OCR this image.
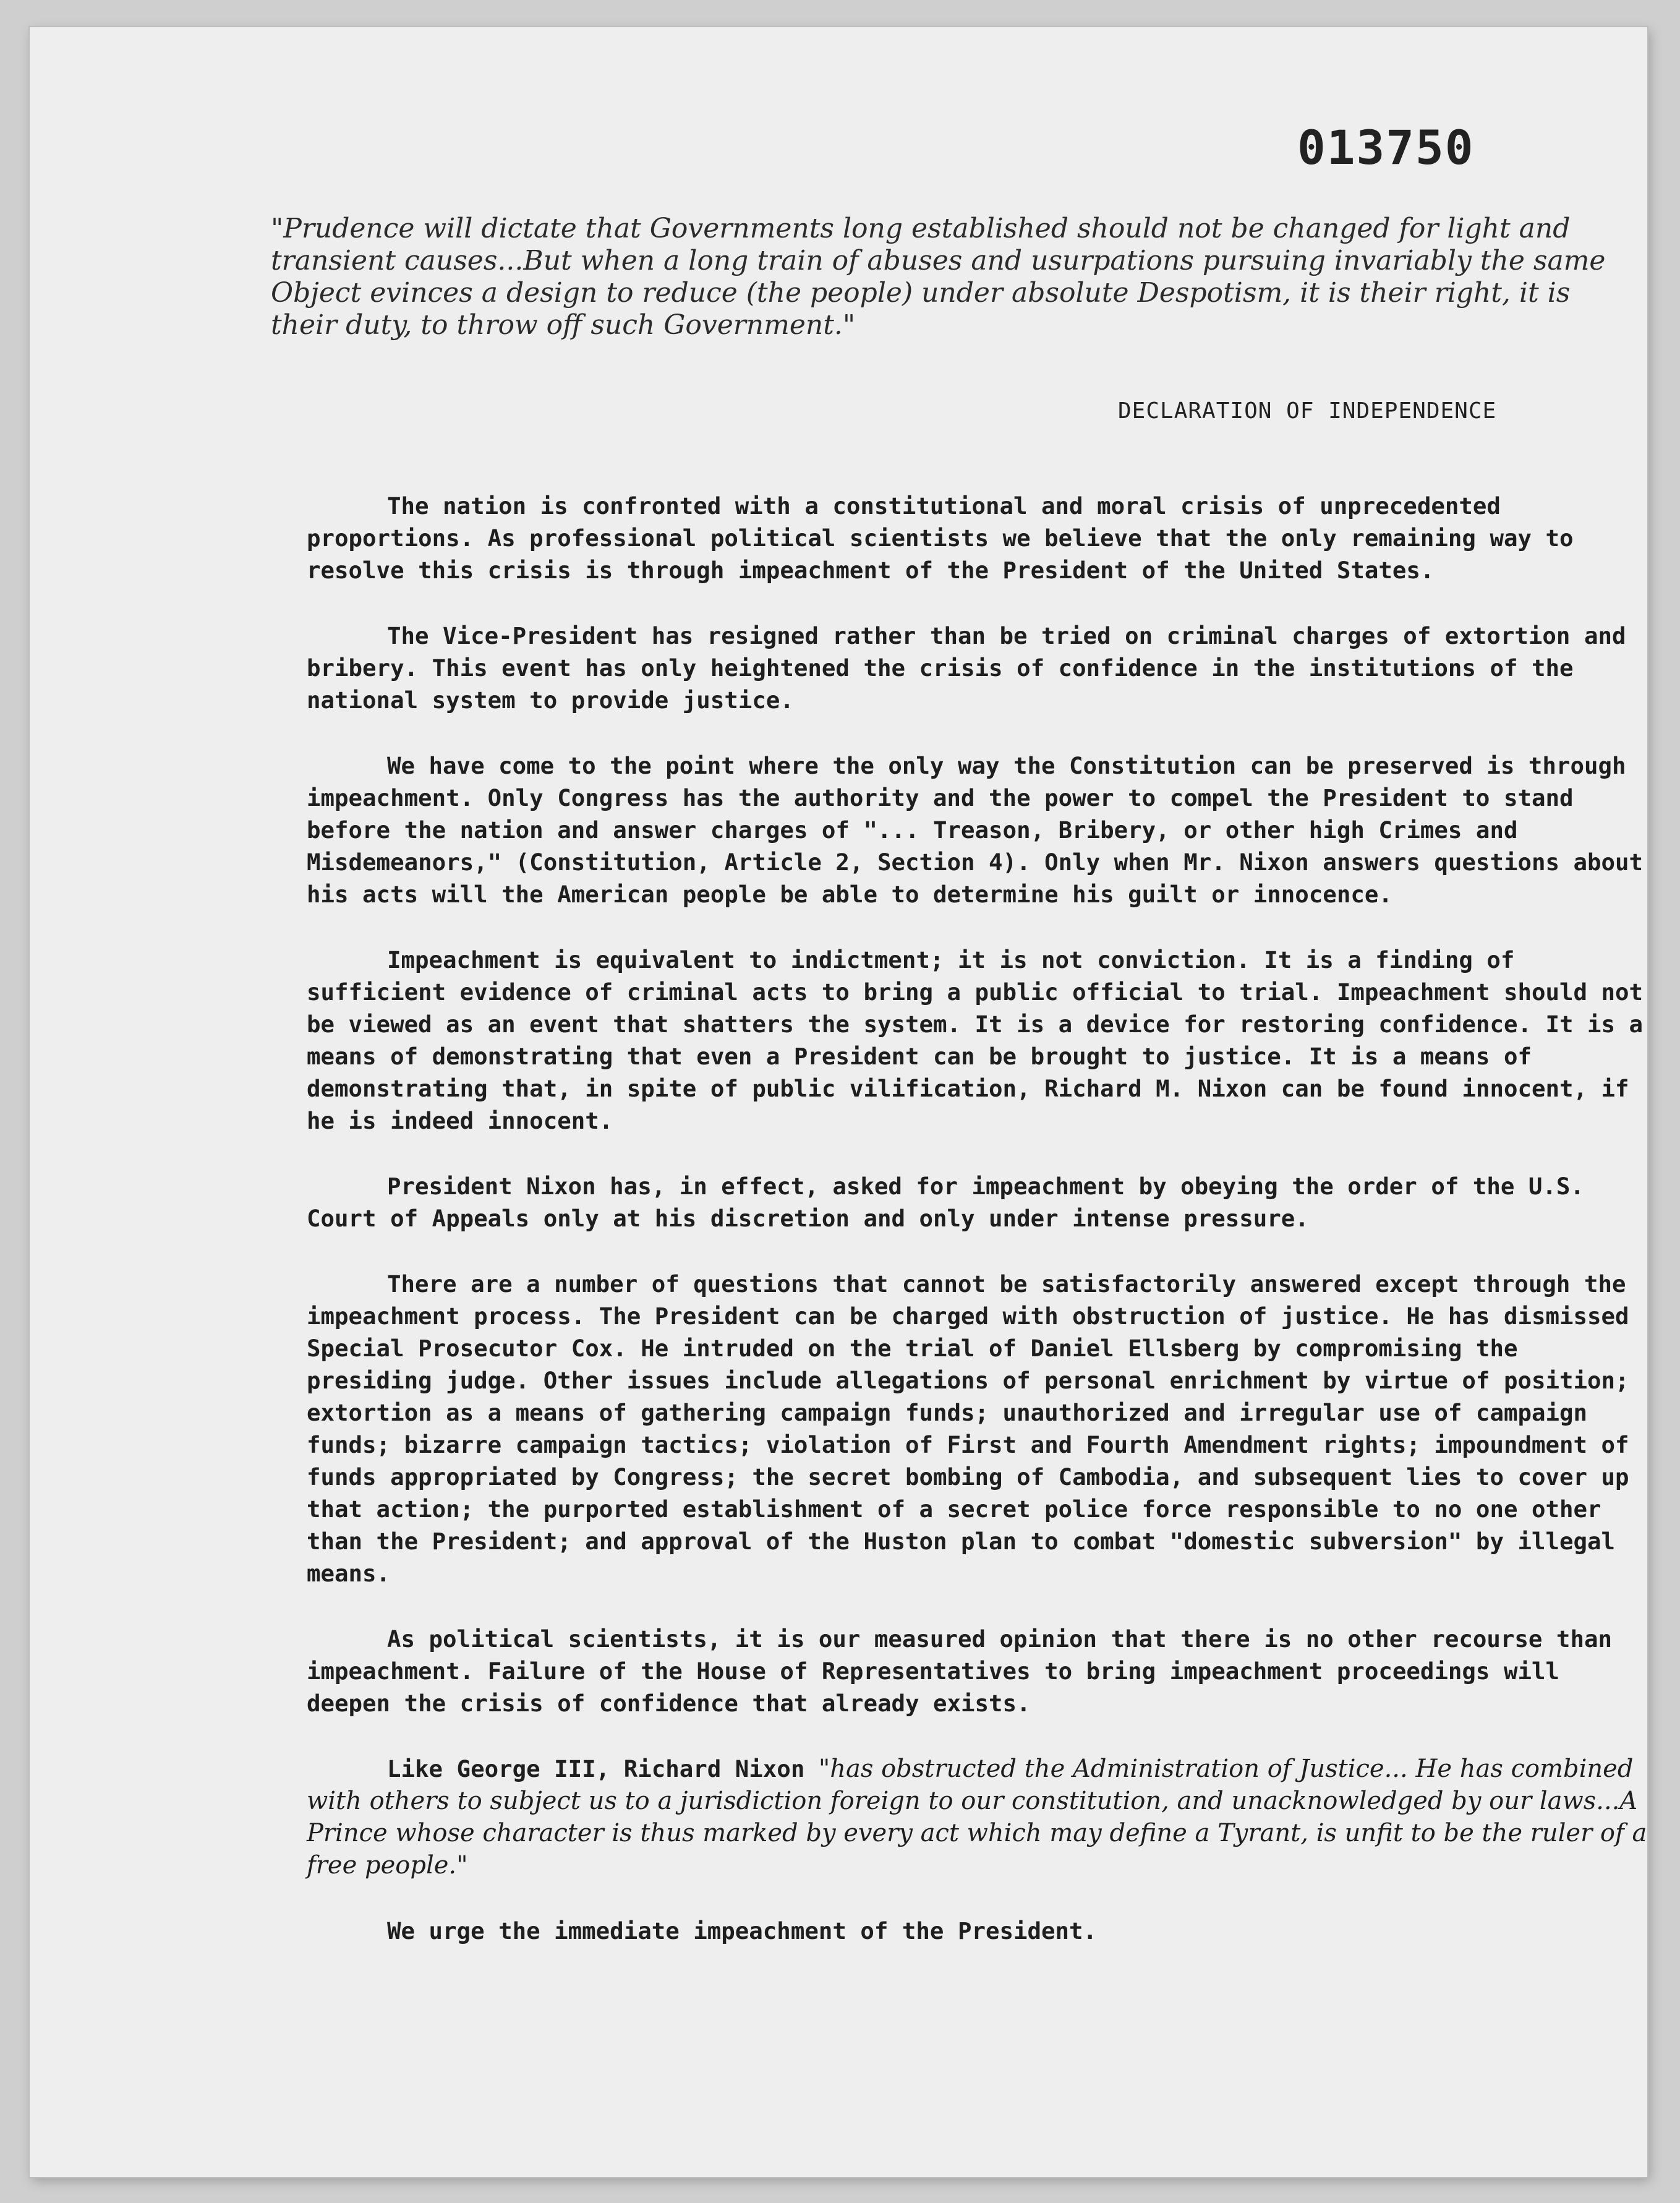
013750

"Prudence will dictate that Governments long established should not be changed for light and transient causes...But when a long train of abuses and usurpations pursuing invariably the same Object evinces a design to reduce (the people) under absolute Despotism, it is their right, it is their duty, to throw off such Government."

DECLARATION OF INDEPENDENCE

The nation is confronted with a constitutional and moral crisis of unprecedented proportions. As professional political scientists we believe that the only remaining way to resolve this crisis is through impeachment of the President of the United States.

The Vice-President has resigned rather than be tried on criminal charges of extortion and bribery. This event has only heightened the crisis of confidence in the institutions of the national system to provide justice.

We have come to the point where the only way the Constitution can be preserved is through impeachment. Only Congress has the authority and the power to compel the President to stand before the nation and answer charges of "... Treason, Bribery, or other high Crimes and Misdemeanors," (Constitution, Article 2, Section 4). Only when Mr. Nixon answers questions about his acts will the American people be able to determine his guilt or innocence.

Impeachment is equivalent to indictment; it is not conviction. It is a finding of sufficient evidence of criminal acts to bring a public official to trial. Impeachment should not be viewed as an event that shatters the system. It is a device for restoring confidence. It is a means of demonstrating that even a President can be brought to justice. It is a means of demonstrating that, in spite of public vilification, Richard M. Nixon can be found innocent, if he is indeed innocent.

President Nixon has, in effect, asked for impeachment by obeying the order of the U.S. Court of Appeals only at his discretion and only under intense pressure.

There are a number of questions that cannot be satisfactorily answered except through the impeachment process. The President can be charged with obstruction of justice. He has dismissed Special Prosecutor Cox. He intruded on the trial of Daniel Ellsberg by compromising the presiding judge. Other issues include allegations of personal enrichment by virtue of position; extortion as a means of gathering campaign funds; unauthorized and irregular use of campaign funds; bizarre campaign tactics; violation of First and Fourth Amendment rights; impoundment of funds appropriated by Congress; the secret bombing of Cambodia, and subsequent lies to cover up that action; the purported establishment of a secret police force responsible to no one other than the President; and approval of the Huston plan to combat "domestic subversion" by illegal means.

As political scientists, it is our measured opinion that there is no other recourse than impeachment. Failure of the House of Representatives to bring impeachment proceedings will deepen the crisis of confidence that already exists.

Like George III, Richard Nixon "has obstructed the Administration of Justice... He has combined with others to subject us to a jurisdiction foreign to our constitution, and unacknowledged by our laws...A Prince whose character is thus marked by every act which may define a Tyrant, is unfit to be the ruler of a free people."

We urge the immediate impeachment of the President.
